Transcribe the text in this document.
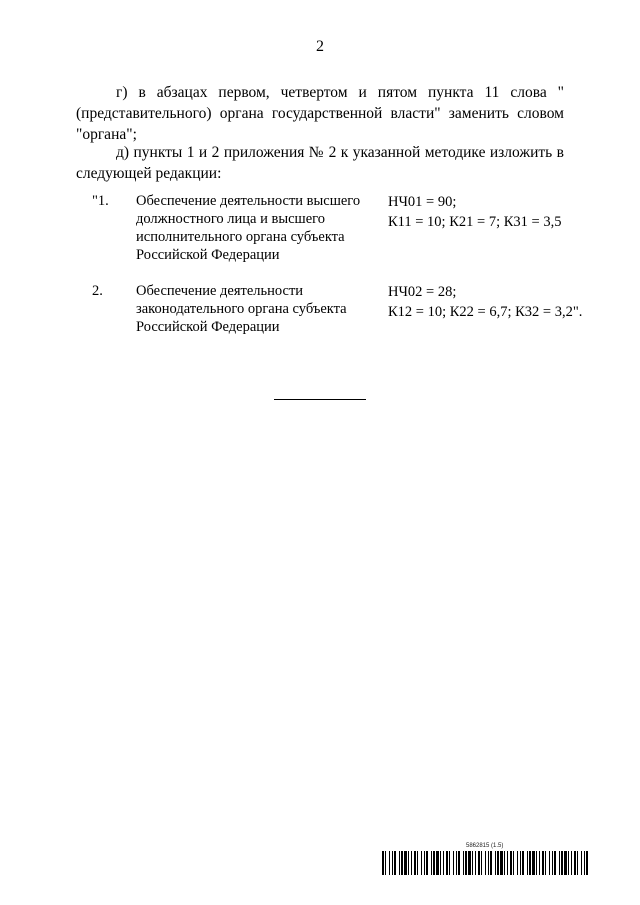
2

г) в абзацах первом, четвертом и пятом пункта 11 слова "(представительного) органа государственной власти" заменить словом "органа";

д) пункты 1 и 2 приложения № 2 к указанной методике изложить в следующей редакции:

"1. Обеспечение деятельности высшего должностного лица и высшего исполнительного органа субъекта Российской Федерации
НЧ01 = 90;
К11 = 10; К21 = 7; К31 = 3,5
2. Обеспечение деятельности законодательного органа субъекта Российской Федерации
НЧ02 = 28;
К12 = 10; К22 = 6,7; К32 = 3,2".
5862815 (1.5)
